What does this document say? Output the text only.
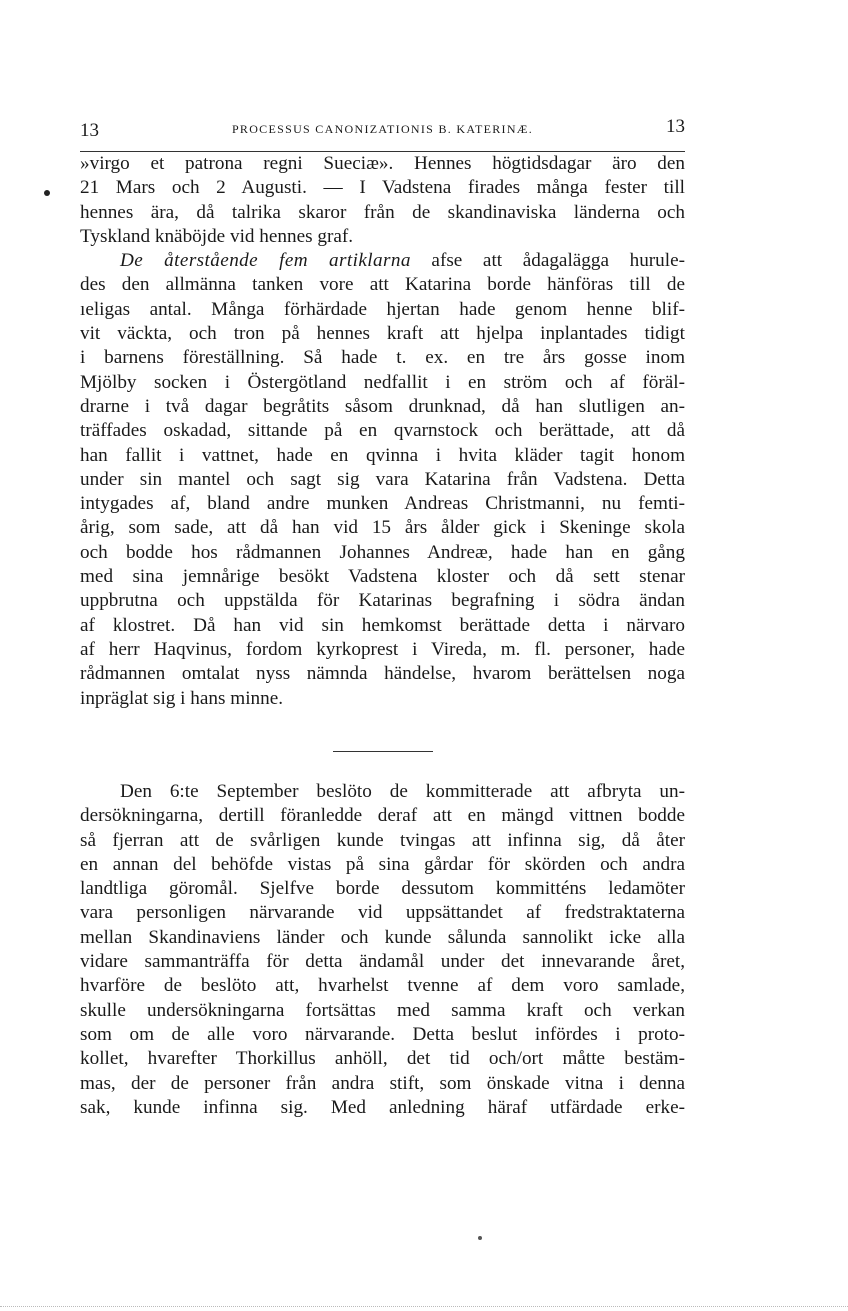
13	PROCESSUS CANONIZATIONIS B. KATERINÆ.	13
»virgo et patrona regni Sueciæ». Hennes högtidsdagar äro den
21 Mars och 2 Augusti. — I Vadstena firades många fester till
hennes ära, då talrika skaror från de skandinaviska länderna och
Tyskland knäböjde vid hennes graf.
De återstående fem artiklarna afse att ådagalägga hurule-
des den allmänna tanken vore att Katarina borde hänföras till de
ıeligas antal. Många förhärdade hjertan hade genom henne blif-
vit väckta, och tron på hennes kraft att hjelpa inplantades tidigt
i barnens föreställning. Så hade t. ex. en tre års gosse inom
Mjölby socken i Östergötland nedfallit i en ström och af föräl-
drarne i två dagar begråtits såsom drunknad, då han slutligen an-
träffades oskadad, sittande på en qvarnstock och berättade, att då
han fallit i vattnet, hade en qvinna i hvita kläder tagit honom
under sin mantel och sagt sig vara Katarina från Vadstena. Detta
intygades af, bland andre munken Andreas Christmanni, nu femti-
årig, som sade, att då han vid 15 års ålder gick i Skeninge skola
och bodde hos rådmannen Johannes Andreæ, hade han en gång
med sina jemnårige besökt Vadstena kloster och då sett stenar
uppbrutna och uppstälda för Katarinas begrafning i södra ändan
af klostret. Då han vid sin hemkomst berättade detta i närvaro
af herr Haqvinus, fordom kyrkoprest i Vireda, m. fl. personer, hade
rådmannen omtalat nyss nämnda händelse, hvarom berättelsen noga
inpräglat sig i hans minne.
Den 6:te September beslöto de kommitterade att afbryta un-
dersökningarna, dertill föranledde deraf att en mängd vittnen bodde
så fjerran att de svårligen kunde tvingas att infinna sig, då åter
en annan del behöfde vistas på sina gårdar för skörden och andra
landtliga göromål. Sjelfve borde dessutom kommitténs ledamöter
vara personligen närvarande vid uppsättandet af fredstraktaterna
mellan Skandinaviens länder och kunde sålunda sannolikt icke alla
vidare sammanträffa för detta ändamål under det innevarande året,
hvarföre de beslöto att, hvarhelst tvenne af dem voro samlade,
skulle undersökningarna fortsättas med samma kraft och verkan
som om de alle voro närvarande. Detta beslut infördes i proto-
kollet, hvarefter Thorkillus anhöll, det tid och/ort måtte bestäm-
mas, der de personer från andra stift, som önskade vitna i denna
sak, kunde infinna sig. Med anledning häraf utfärdade erke-
